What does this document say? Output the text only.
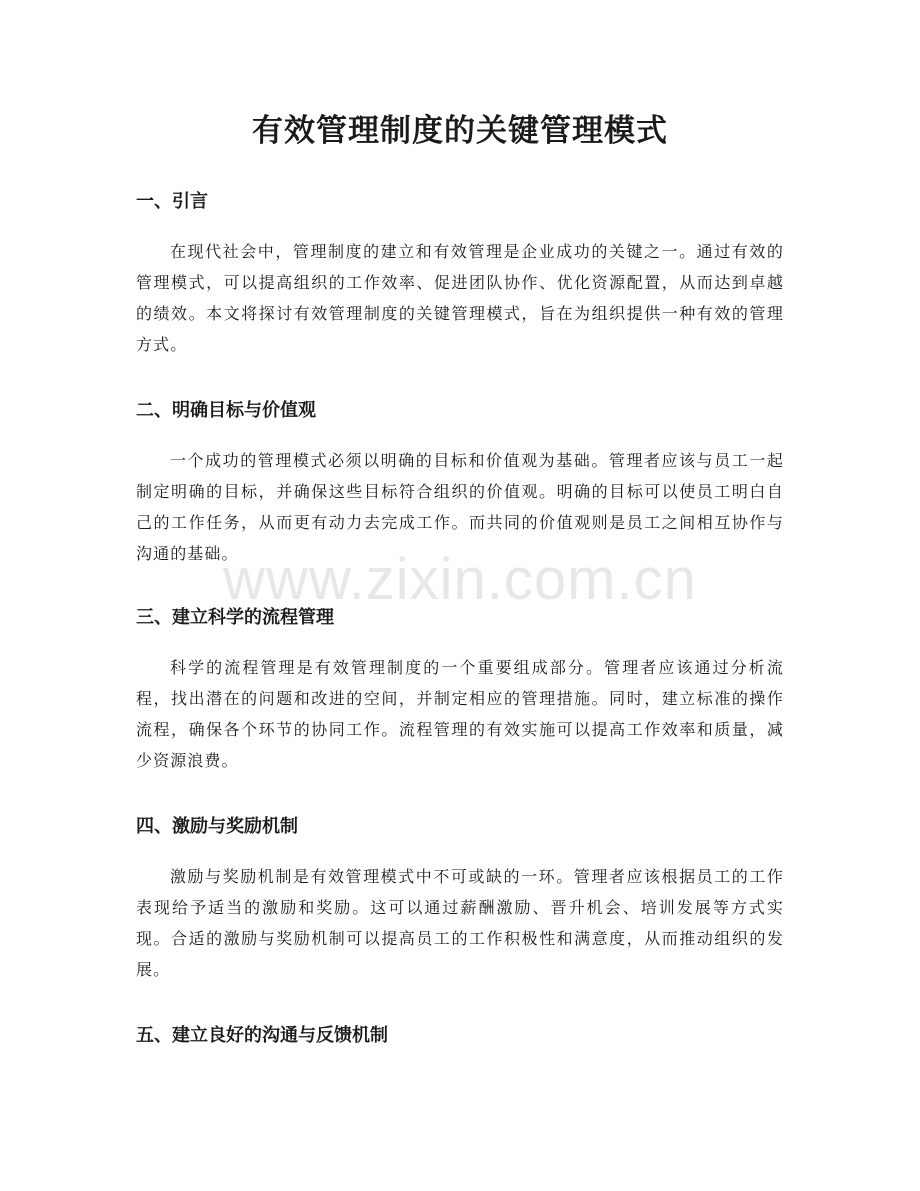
有效管理制度的关键管理模式
一、引言

在现代社会中，管理制度的建立和有效管理是企业成功的关键之一。通过有效的管理模式，可以提高组织的工作效率、促进团队协作、优化资源配置，从而达到卓越的绩效。本文将探讨有效管理制度的关键管理模式，旨在为组织提供一种有效的管理方式。

二、明确目标与价值观

一个成功的管理模式必须以明确的目标和价值观为基础。管理者应该与员工一起制定明确的目标，并确保这些目标符合组织的价值观。明确的目标可以使员工明白自己的工作任务，从而更有动力去完成工作。而共同的价值观则是员工之间相互协作与沟通的基础。

三、建立科学的流程管理

科学的流程管理是有效管理制度的一个重要组成部分。管理者应该通过分析流程，找出潜在的问题和改进的空间，并制定相应的管理措施。同时，建立标准的操作流程，确保各个环节的协同工作。流程管理的有效实施可以提高工作效率和质量，减少资源浪费。

四、激励与奖励机制

激励与奖励机制是有效管理模式中不可或缺的一环。管理者应该根据员工的工作表现给予适当的激励和奖励。这可以通过薪酬激励、晋升机会、培训发展等方式实现。合适的激励与奖励机制可以提高员工的工作积极性和满意度，从而推动组织的发展。

五、建立良好的沟通与反馈机制
www.zixin.com.cn
